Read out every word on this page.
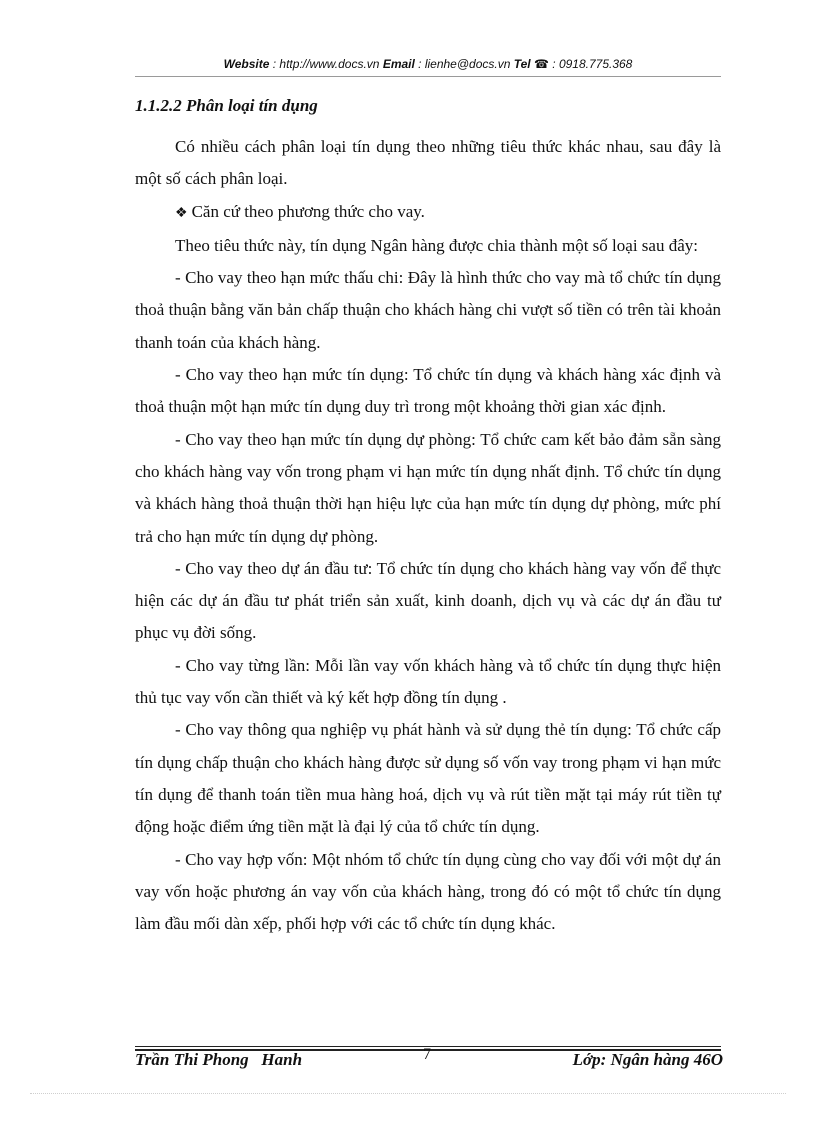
Website : http://www.docs.vn Email : lienhe@docs.vn Tel ☎ : 0918.775.368
1.1.2.2 Phân loại tín dụng

Có nhiều cách phân loại tín dụng theo những tiêu thức khác nhau, sau đây là một số cách phân loại.

❖ Căn cứ theo phương thức cho vay.

Theo tiêu thức này, tín dụng Ngân hàng được chia thành một số loại sau đây:

- Cho vay theo hạn mức thấu chi: Đây là hình thức cho vay mà tổ chức tín dụng thoả thuận bằng văn bản chấp thuận cho khách hàng chi vượt số tiền có trên tài khoản thanh toán của khách hàng.

- Cho vay theo hạn mức tín dụng: Tổ chức tín dụng và khách hàng xác định và thoả thuận một hạn mức tín dụng duy trì trong một khoảng thời gian xác định.

- Cho vay theo hạn mức tín dụng dự phòng: Tổ chức cam kết bảo đảm sẵn sàng cho khách hàng vay vốn trong phạm vi hạn mức tín dụng nhất định. Tổ chức tín dụng và khách hàng thoả thuận thời hạn hiệu lực của hạn mức tín dụng dự phòng, mức phí trả cho hạn mức tín dụng dự phòng.

- Cho vay theo dự án đầu tư: Tổ chức tín dụng cho khách hàng vay vốn để thực hiện các dự án đầu tư phát triển sản xuất, kinh doanh, dịch vụ và các dự án đầu tư phục vụ đời sống.

- Cho vay từng lần: Mỗi lần vay vốn khách hàng và tổ chức tín dụng thực hiện thủ tục vay vốn cần thiết và ký kết hợp đồng tín dụng .

- Cho vay thông qua nghiệp vụ phát hành và sử dụng thẻ tín dụng: Tổ chức cấp tín dụng chấp thuận cho khách hàng được sử dụng số vốn vay trong phạm vi hạn mức tín dụng để thanh toán tiền mua hàng hoá, dịch vụ và rút tiền mặt tại máy rút tiền tự động hoặc điểm ứng tiền mặt là đại lý của tổ chức tín dụng.

- Cho vay hợp vốn: Một nhóm tổ chức tín dụng cùng cho vay đối với một dự án vay vốn hoặc phương án vay vốn của khách hàng, trong đó có một tổ chức tín dụng làm đầu mối dàn xếp, phối hợp với các tổ chức tín dụng khác.

Trần Thi Phong   Hanh	7	Lớp: Ngân hàng 46O
